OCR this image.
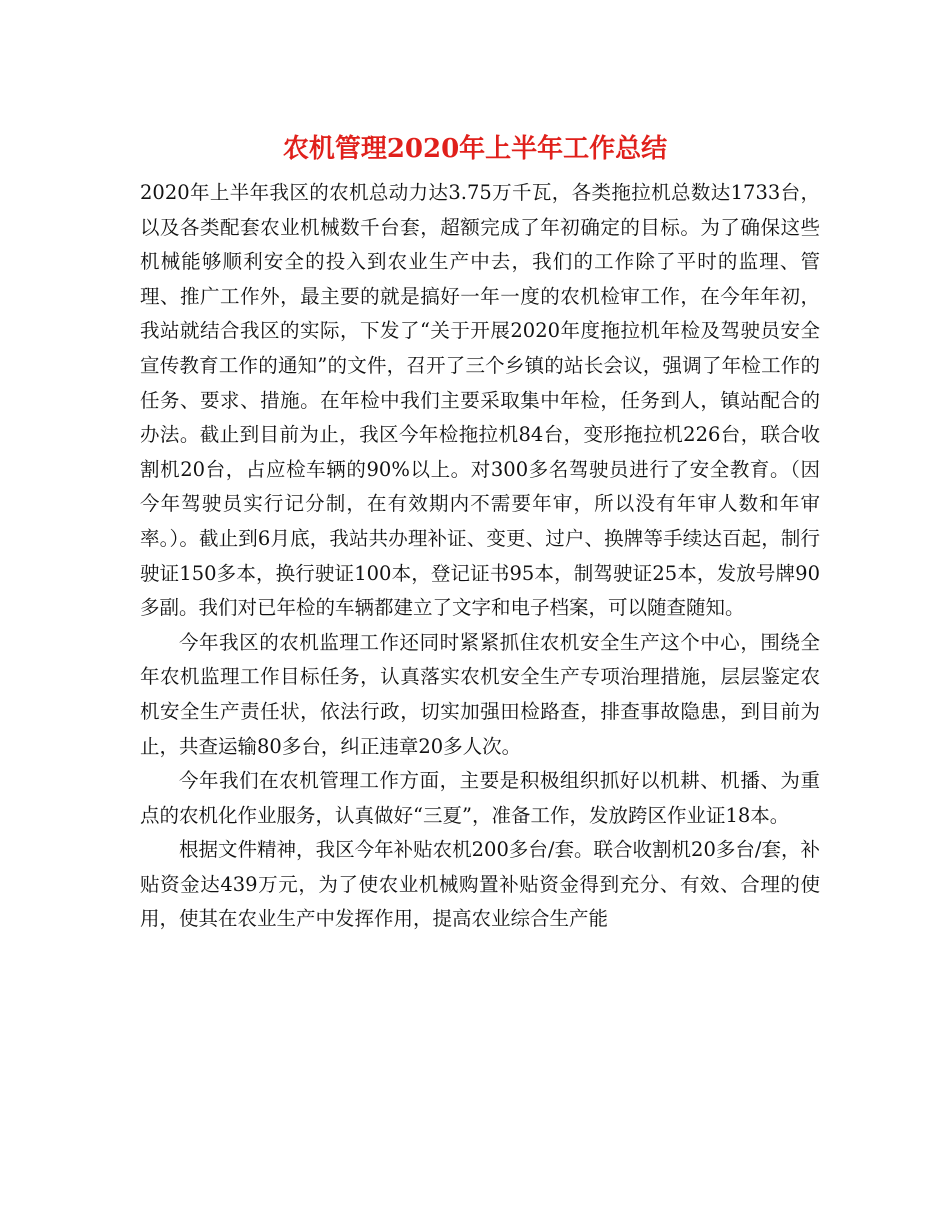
农机管理2020年上半年工作总结

2020年上半年我区的农机总动力达3.75万千瓦，各类拖拉机总数达1733台，以及各类配套农业机械数千台套，超额完成了年初确定的目标。为了确保这些机械能够顺利安全的投入到农业生产中去，我们的工作除了平时的监理、管理、推广工作外，最主要的就是搞好一年一度的农机检审工作，在今年年初，我站就结合我区的实际，下发了“关于开展2020年度拖拉机年检及驾驶员安全宣传教育工作的通知”的文件，召开了三个乡镇的站长会议，强调了年检工作的任务、要求、措施。在年检中我们主要采取集中年检，任务到人，镇站配合的办法。截止到目前为止，我区今年检拖拉机84台，变形拖拉机226台，联合收割机20台，占应检车辆的90%以上。对300多名驾驶员进行了安全教育。（因今年驾驶员实行记分制，在有效期内不需要年审，所以没有年审人数和年审率。）。截止到6月底，我站共办理补证、变更、过户、换牌等手续达百起，制行驶证150多本，换行驶证100本，登记证书95本，制驾驶证25本，发放号牌90多副。我们对已年检的车辆都建立了文字和电子档案，可以随查随知。

今年我区的农机监理工作还同时紧紧抓住农机安全生产这个中心，围绕全年农机监理工作目标任务，认真落实农机安全生产专项治理措施，层层鉴定农机安全生产责任状，依法行政，切实加强田检路查，排查事故隐患，到目前为止，共查运输80多台，纠正违章20多人次。

今年我们在农机管理工作方面，主要是积极组织抓好以机耕、机播、为重点的农机化作业服务，认真做好“三夏”，准备工作，发放跨区作业证18本。

根据文件精神，我区今年补贴农机200多台/套。联合收割机20多台/套，补贴资金达439万元，为了使农业机械购置补贴资金得到充分、有效、合理的使用，使其在农业生产中发挥作用，提高农业综合生产能
